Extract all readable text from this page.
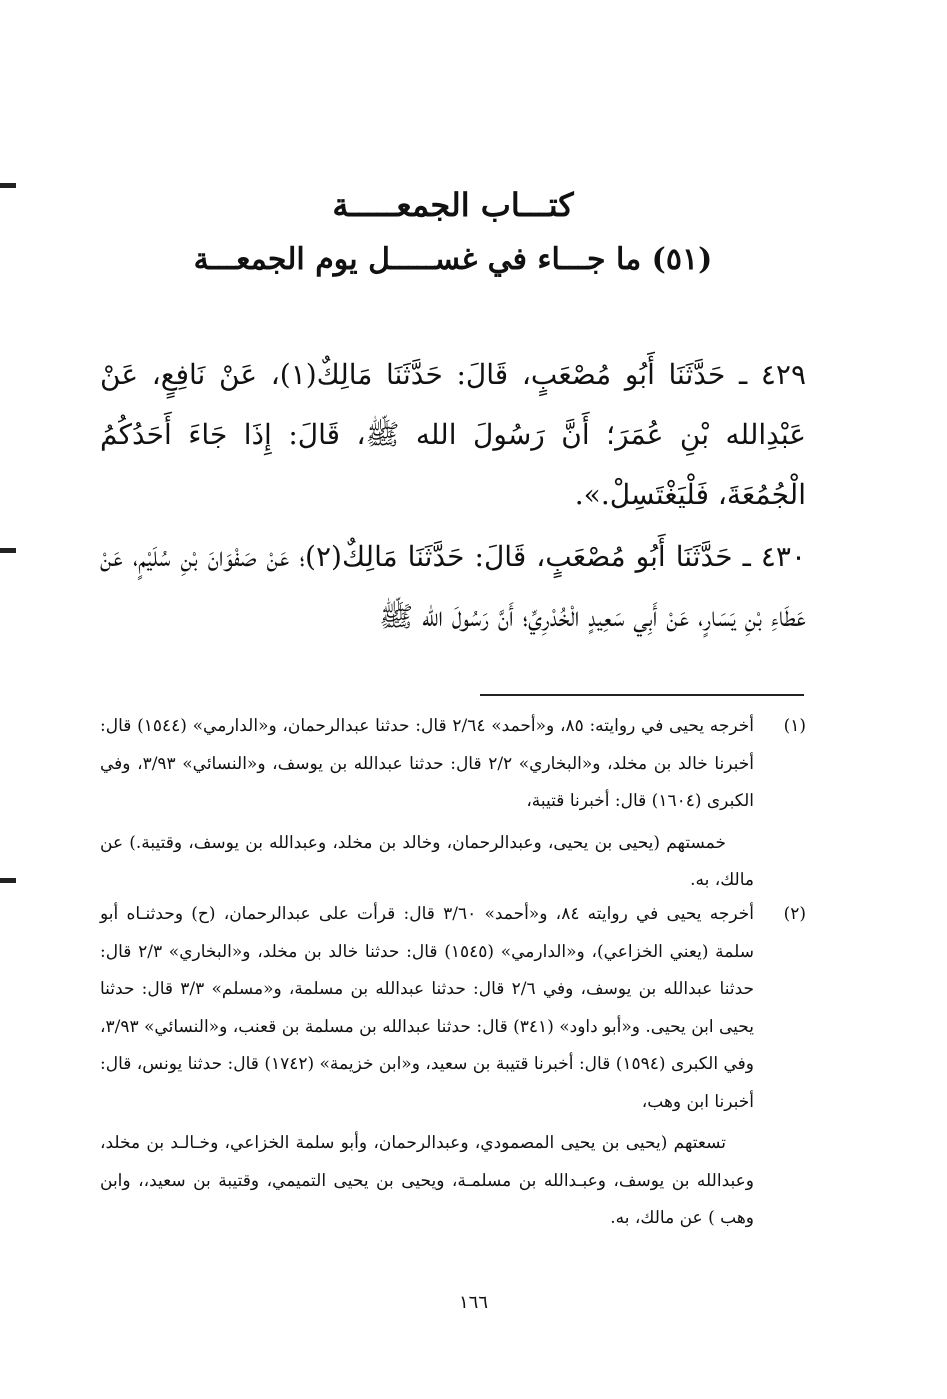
كتـــاب الجمعـــــة
(٥١) ما جـــاء في غســـــل يوم الجمعـــة
٤٢٩ ـ حَدَّثَنَا أَبُو مُصْعَبٍ، قَالَ: حَدَّثَنَا مَالِكٌ(١)، عَنْ نَافِعٍ، عَنْ عَبْدِالله بْنِ عُمَرَ؛ أَنَّ رَسُولَ الله ﷺ، قَالَ: إِذَا جَاءَ أَحَدُكُمُ الْجُمُعَةَ، فَلْيَغْتَسِلْ.».
٤٣٠ ـ حَدَّثَنَا أَبُو مُصْعَبٍ، قَالَ: حَدَّثَنَا مَالِكٌ(٢)؛ عَنْ صَفْوَانَ بْنِ سُلَيْمٍ، عَنْ عَطَاءِ بْنِ يَسَارٍ، عَنْ أَبِي سَعِيدٍ الْخُدْرِيِّ؛ أَنَّ رَسُولَ الله ﷺ
(١)
أخرجه يحيى في روايته: ٨٥، و«أحمد» ٢/٦٤ قال: حدثنا عبدالرحمان، و«الدارمي» (١٥٤٤) قال: أخبرنا خالد بن مخلد، و«البخاري» ٢/٢ قال: حدثنا عبدالله بن يوسف، و«النسائي» ٣/٩٣، وفي الكبرى (١٦٠٤) قال: أخبرنا قتيبة،
خمستهم (يحيى بن يحيى، وعبدالرحمان، وخالد بن مخلد، وعبدالله بن يوسف، وقتيبة.) عن مالك، به.
(٢)
أخرجه يحيى في روايته ٨٤، و«أحمد» ٣/٦٠ قال: قرأت على عبدالرحمان، (ح) وحدثنـاه أبو سلمة (يعني الخزاعي)، و«الدارمي» (١٥٤٥) قال: حدثنا خالد بن مخلد، و«البخاري» ٢/٣ قال: حدثنا عبدالله بن يوسف، وفي ٢/٦ قال: حدثنا عبدالله بن مسلمة، و«مسلم» ٣/٣ قال: حدثنا يحيى ابن يحيى. و«أبو داود» (٣٤١) قال: حدثنا عبدالله بن مسلمة بن قعنب، و«النسائي» ٣/٩٣، وفي الكبرى (١٥٩٤) قال: أخبرنا قتيبة بن سعيد، و«ابن خزيمة» (١٧٤٢) قال: حدثنا يونس، قال: أخبرنا ابن وهب،
تسعتهم (يحيى بن يحيى المصمودي، وعبدالرحمان، وأبو سلمة الخزاعي، وخـالـد بن مخلد، وعبدالله بن يوسف، وعبـدالله بن مسلمـة، ويحيى بن يحيى التميمي، وقتيبة بن سعيد،، وابن وهب ) عن مالك، به.
١٦٦
